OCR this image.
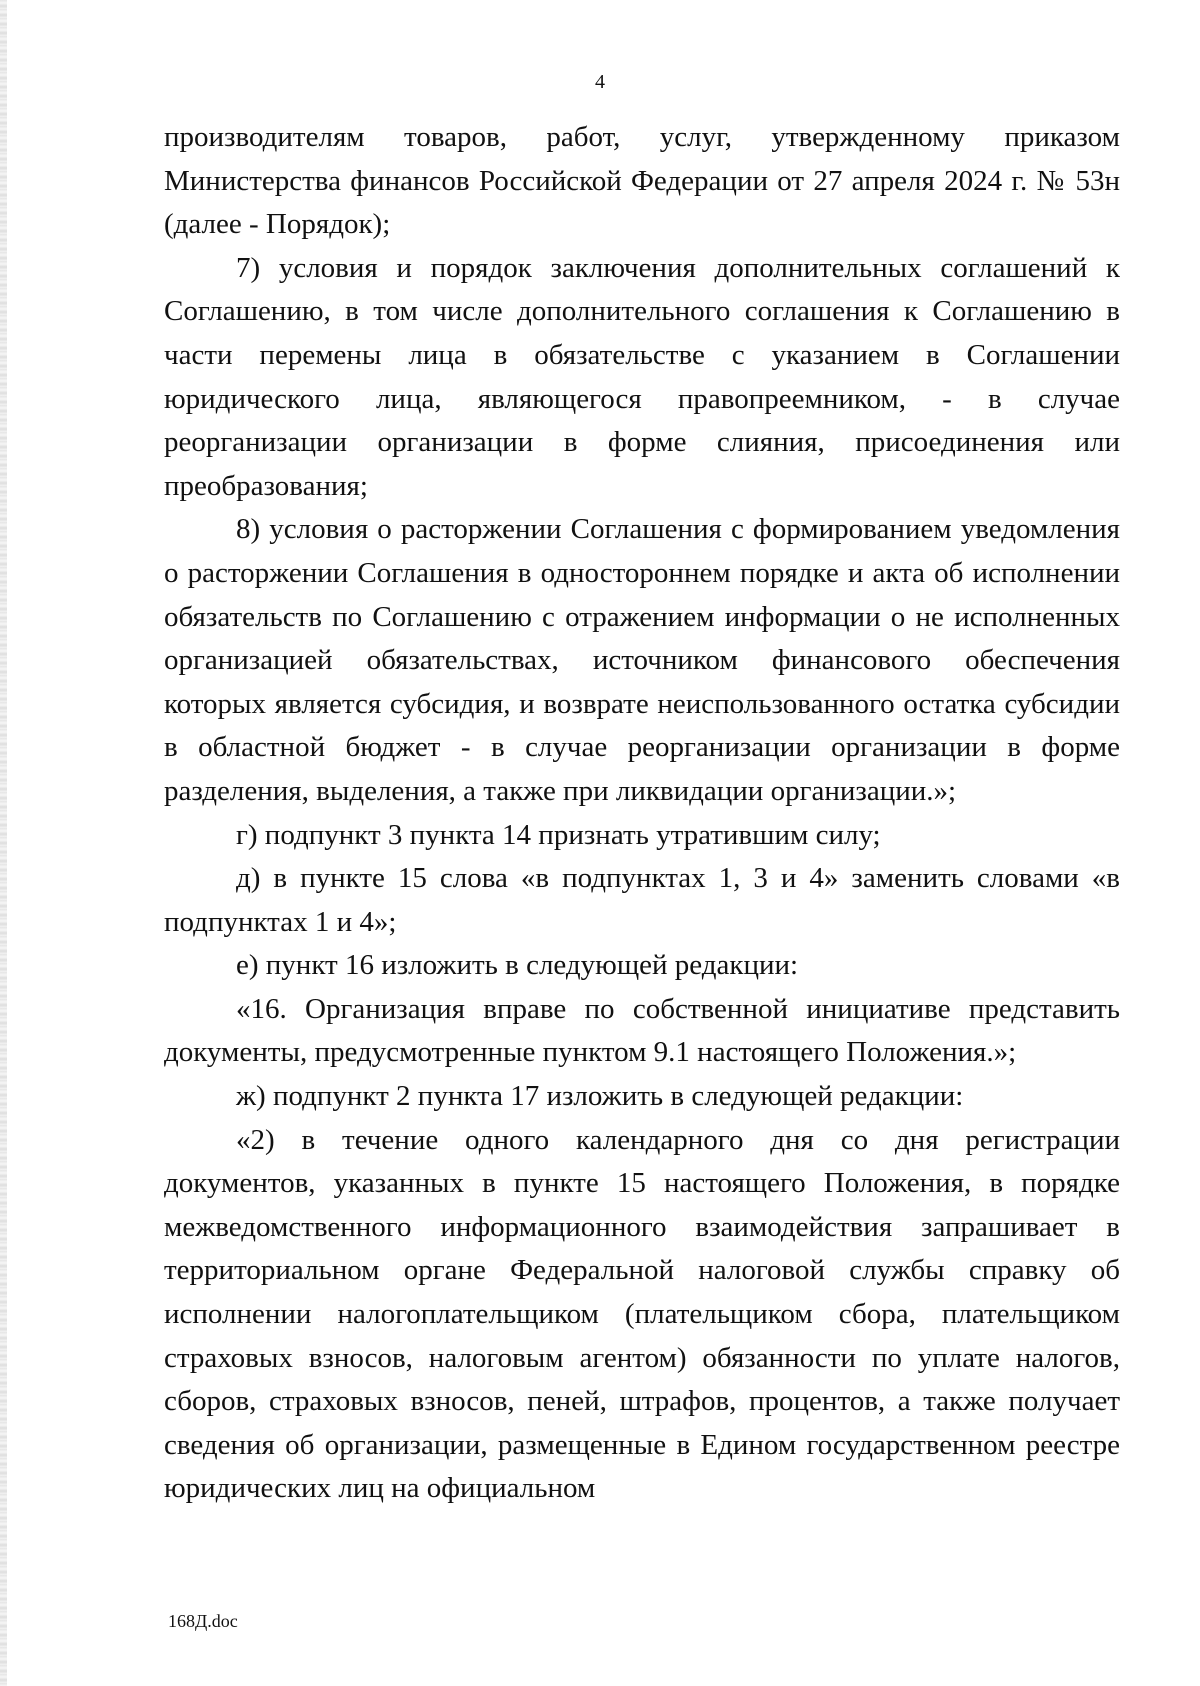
4

производителям товаров, работ, услуг, утвержденному приказом Министерства финансов Российской Федерации от 27 апреля 2024 г. № 53н (далее - Порядок);

7) условия и порядок заключения дополнительных соглашений к Соглашению, в том числе дополнительного соглашения к Соглашению в части перемены лица в обязательстве с указанием в Соглашении юридического лица, являющегося правопреемником, - в случае реорганизации организации в форме слияния, присоединения или преобразования;

8) условия о расторжении Соглашения с формированием уведомления о расторжении Соглашения в одностороннем порядке и акта об исполнении обязательств по Соглашению с отражением информации о не исполненных организацией обязательствах, источником финансового обеспечения которых является субсидия, и возврате неиспользованного остатка субсидии в областной бюджет - в случае реорганизации организации в форме разделения, выделения, а также при ликвидации организации.»;

г) подпункт 3 пункта 14 признать утратившим силу;

д) в пункте 15 слова «в подпунктах 1, 3 и 4» заменить словами «в подпунктах 1 и 4»;

е) пункт 16 изложить в следующей редакции:

«16. Организация вправе по собственной инициативе представить документы, предусмотренные пунктом 9.1 настоящего Положения.»;

ж) подпункт 2 пункта 17 изложить в следующей редакции:

«2) в течение одного календарного дня со дня регистрации документов, указанных в пункте 15 настоящего Положения, в порядке межведомственного информационного взаимодействия запрашивает в территориальном органе Федеральной налоговой службы справку об исполнении налогоплательщиком (плательщиком сбора, плательщиком страховых взносов, налоговым агентом) обязанности по уплате налогов, сборов, страховых взносов, пеней, штрафов, процентов, а также получает сведения об организации, размещенные в Едином государственном реестре юридических лиц на официальном

168Д.doc
